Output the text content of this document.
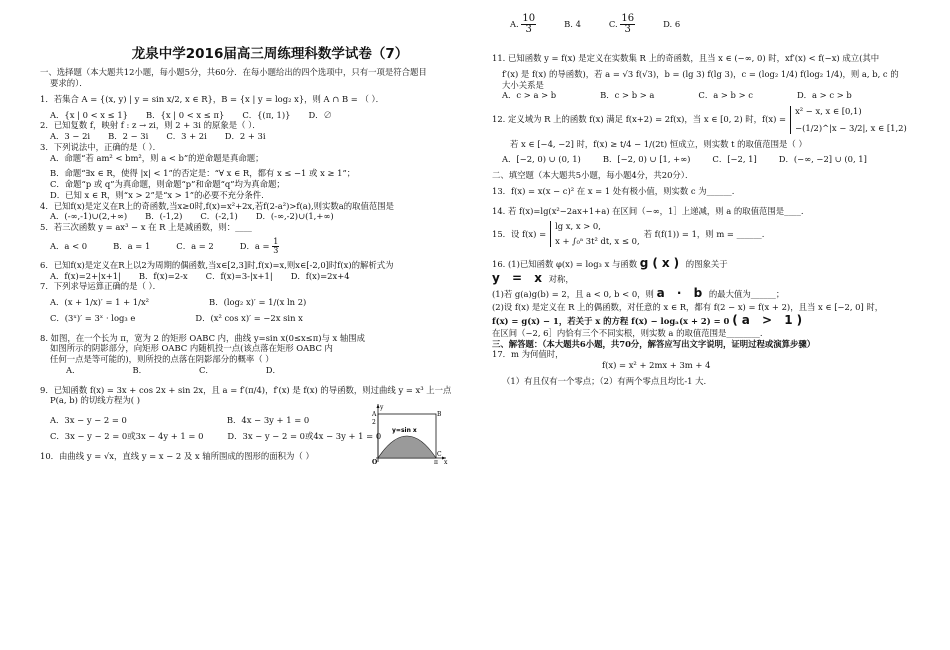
龙泉中学2016届高三周练理科数学试卷（7）
一、选择题（本大题共12小题，每小题5分，共60分．在每小题给出的四个选项中，只有一项是符合题目
要求的）．
1．若集合 A = {(x, y) | y = sin x/2, x ∈ R}，B = {x | y = log₂ x}，则 A ∩ B = （ ）．
A．{x | 0 < x ≤ 1} B．{x | 0 < x ≤ π} C．{(π, 1)} D．∅
2．已知复数 f，映射 f : z → zi，则 2 + 3i 的原象是（ ）．
A．3 − 2i B．2 − 3i C．3 + 2i D．2 + 3i
3．下列说法中，正确的是（ ）．
A．命题“若 am² < bm²，则 a < b”的逆命题是真命题；
B．命题“∃x ∈ R，使得 |x| < 1”的否定是：“∀ x ∈ R，都有 x ≤ −1 或 x ≥ 1”；
C．命题“p 或 q”为真命题，则命题“p”和命题“q”均为真命题；
D．已知 x ∈ R，则“x > 2”是“x > 1”的必要不充分条件.
4．已知f(x)是定义在R上的奇函数,当x≥0时,f(x)=x²+2x,若f(2-a²)>f(a),则实数a的取值范围是
A．(-∞,-1)∪(2,+∞) B．(-1,2) C．(-2,1) D．(-∞,-2)∪(1,+∞)
5．若三次函数 y = ax³ − x 在 R 上是减函数，则：____
A．a < 0	B．a = 1	C．a = 2	D．$a = \frac{1}{3}$
6．已知f(x)是定义在R上以2为周期的偶函数,当x∈[2,3]时,f(x)=x,则x∈[-2,0]时f(x)的解析式为
A．f(x)=2+|x+1| B．f(x)=2-x C．f(x)=3-|x+1| D．f(x)=2x+4
7．下列求导运算正确的是（ ）．
A．(x + 1/x)′ = 1 + 1/x²	B．(log₂ x)′ = 1/(x ln 2)
C．(3ˣ)′ = 3ˣ · log₃ e	D．(x² cos x)′ = −2x sin x
8. 如图，在一个长为 π，宽为 2 的矩形 OABC 内，曲线 y=sin x(0≤x≤π)与 x 轴围成
如图所示的阴影部分，向矩形 OABC 内随机投一点(该点落在矩形 OABC 内
任何一点是等可能的)，则所投的点落在阴影部分的概率（ ）
A．	B．	C．	D．
9．已知函数 f(x) = 3x + cos 2x + sin 2x，且 a = f′(π/4)，f′(x) 是 f(x) 的导函数，则过曲线 y = x³ 上一点
P(a, b) 的切线方程为( )
A．3x − y − 2 = 0	B．4x − 3y + 1 = 0
C．3x − y − 2 = 0或3x − 4y + 1 = 0	D．3x − y − 2 = 0或4x − 3y + 1 = 0
10．由曲线 y = √x，直线 y = x − 2 及 x 轴所围成的图形的面积为（ ）
y=sin x
A
2
B
C
O	π x
y
A. $\frac{10}{3}$	B. 4	C. $\frac{16}{3}$	D. 6
11. 已知函数 y = f(x) 是定义在实数集 R 上的奇函数，且当 x ∈ (−∞, 0) 时，xf′(x) < f(−x) 成立(其中
f′(x) 是 f(x) 的导函数)，若 a = √3 f(√3)，b = (lg 3) f(lg 3)，c = (log₂ 1/4) f(log₂ 1/4)，则 a, b, c 的
大小关系是
A．c > a > b	B．c > b > a	C．a > b > c	D．a > c > b
12. 定义域为 R 上的函数 f(x) 满足 f(x+2) = 2f(x)，当 x ∈ [0, 2) 时，f(x) =
x² − x, x ∈ [0,1)
−(1/2)^|x − 3/2|, x ∈ [1,2)
若 x ∈ [−4, −2] 时，f(x) ≥ t/4 − 1/(2t) 恒成立，则实数 t 的取值范围是（ ）
A．[−2, 0) ∪ (0, 1)	B．[−2, 0) ∪ [1, +∞)	C．[−2, 1]	D．(−∞, −2] ∪ (0, 1]
二、填空题（本大题共5小题，每小题4分，共20分）．
13．f(x) = x(x − c)² 在 x = 1 处有极小值，则实数 c 为______.
14. 若 f(x)=lg(x²−2ax+1+a) 在区间（−∞，1］上递减，则 a 的取值范围是____.
15．设 f(x) =
lg x, x > 0,
x + ∫₀ᵃ 3t² dt, x ≤ 0,
若 f(f(1)) = 1，则 m = ______.
16. (1)已知函数 φ(x) = log₃ x 与函数 g(x) 的图象关于
y = x 对称，
(1)若 g(a)g(b) = 2，且 a < 0, b < 0，则 a · b 的最大值为______；
(2)设 f(x) 是定义在 R 上的偶函数，对任意的 x ∈ R，都有 f(2 − x) = f(x + 2)，且当 x ∈ [−2, 0] 时，
f(x) = g(x) − 1，若关于 x 的方程 f(x) − logₐ(x + 2) = 0 (a > 1)
在区间（−2, 6］内恰有三个不同实根，则实数 a 的取值范围是________.
三、解答题：（本大题共6小题，共70分，解答应写出文字说明，证明过程或演算步骤）
17．m 为何值时，
f(x) = x² + 2mx + 3m + 4
（1）有且仅有一个零点；（2）有两个零点且均比-1 大.
